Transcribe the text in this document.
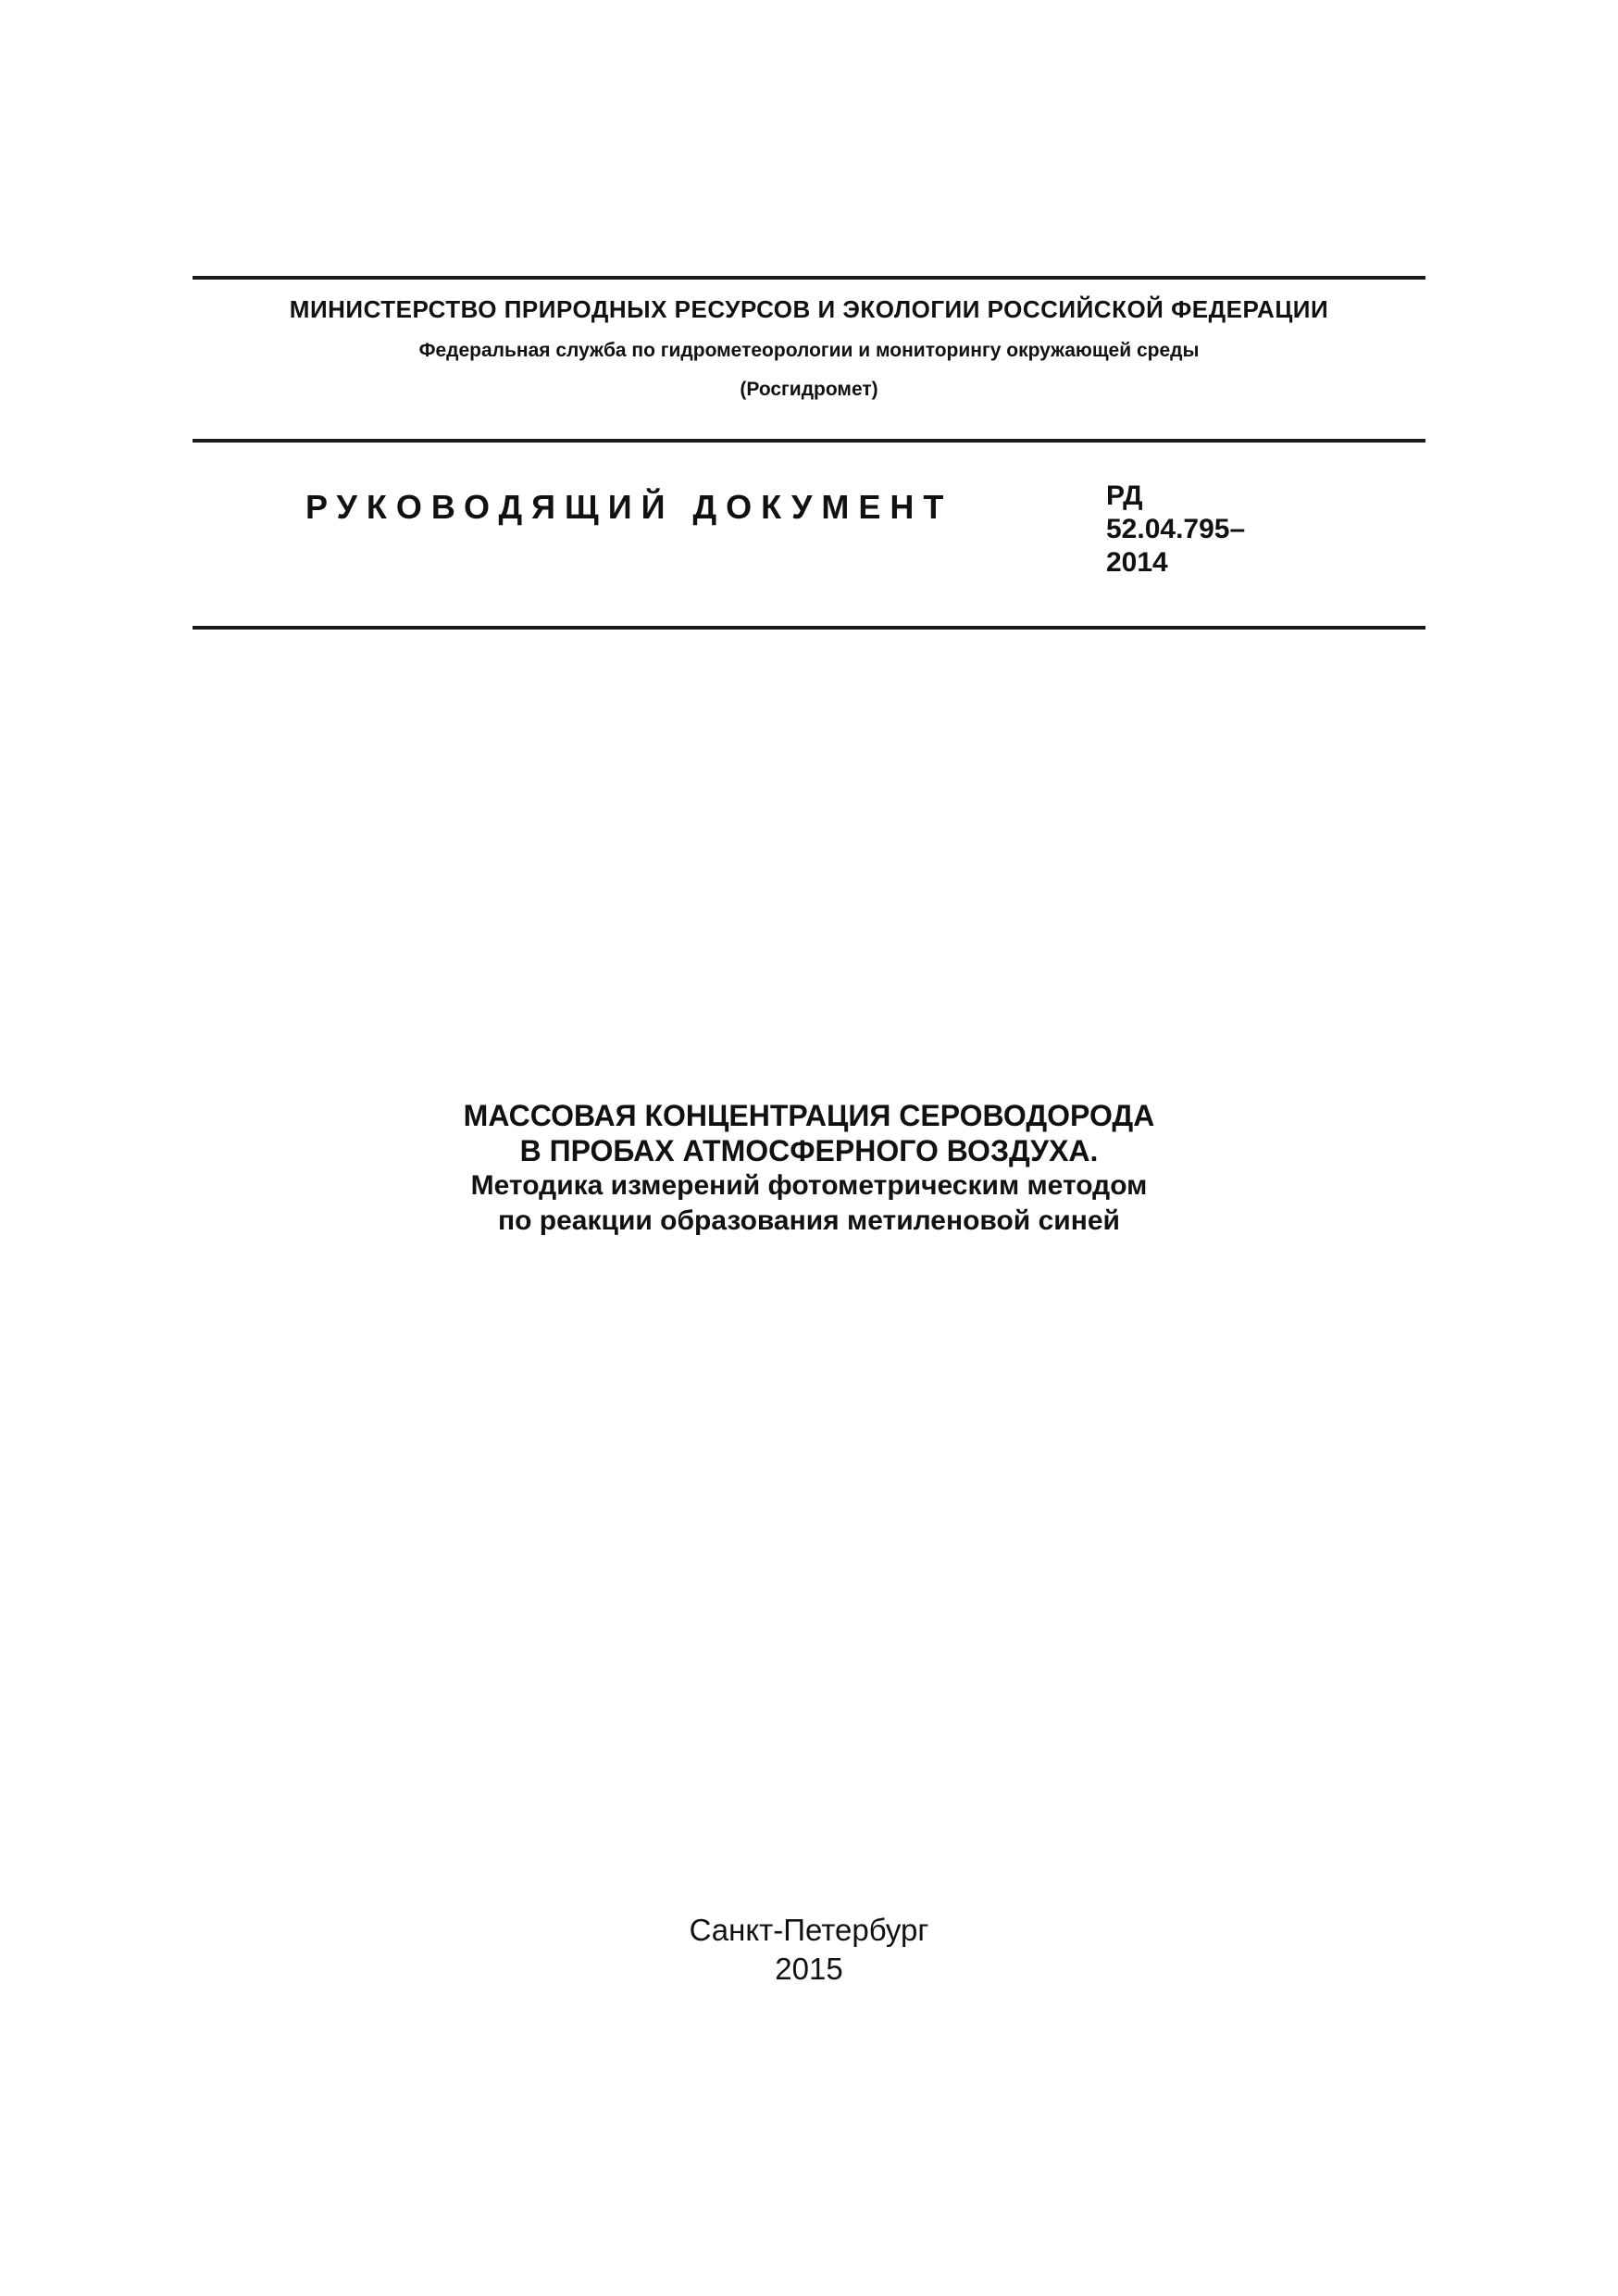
МИНИСТЕРСТВО ПРИРОДНЫХ РЕСУРСОВ И ЭКОЛОГИИ РОССИЙСКОЙ ФЕДЕРАЦИИ
Федеральная служба по гидрометеорологии и мониторингу окружающей среды
(Росгидромет)
РУКОВОДЯЩИЙ ДОКУМЕНТ	РД
52.04.795–
2014
МАССОВАЯ КОНЦЕНТРАЦИЯ СЕРОВОДОРОДА
В ПРОБАХ АТМОСФЕРНОГО ВОЗДУХА.
Методика измерений фотометрическим методом
по реакции образования метиленовой синей
Санкт-Петербург
2015
